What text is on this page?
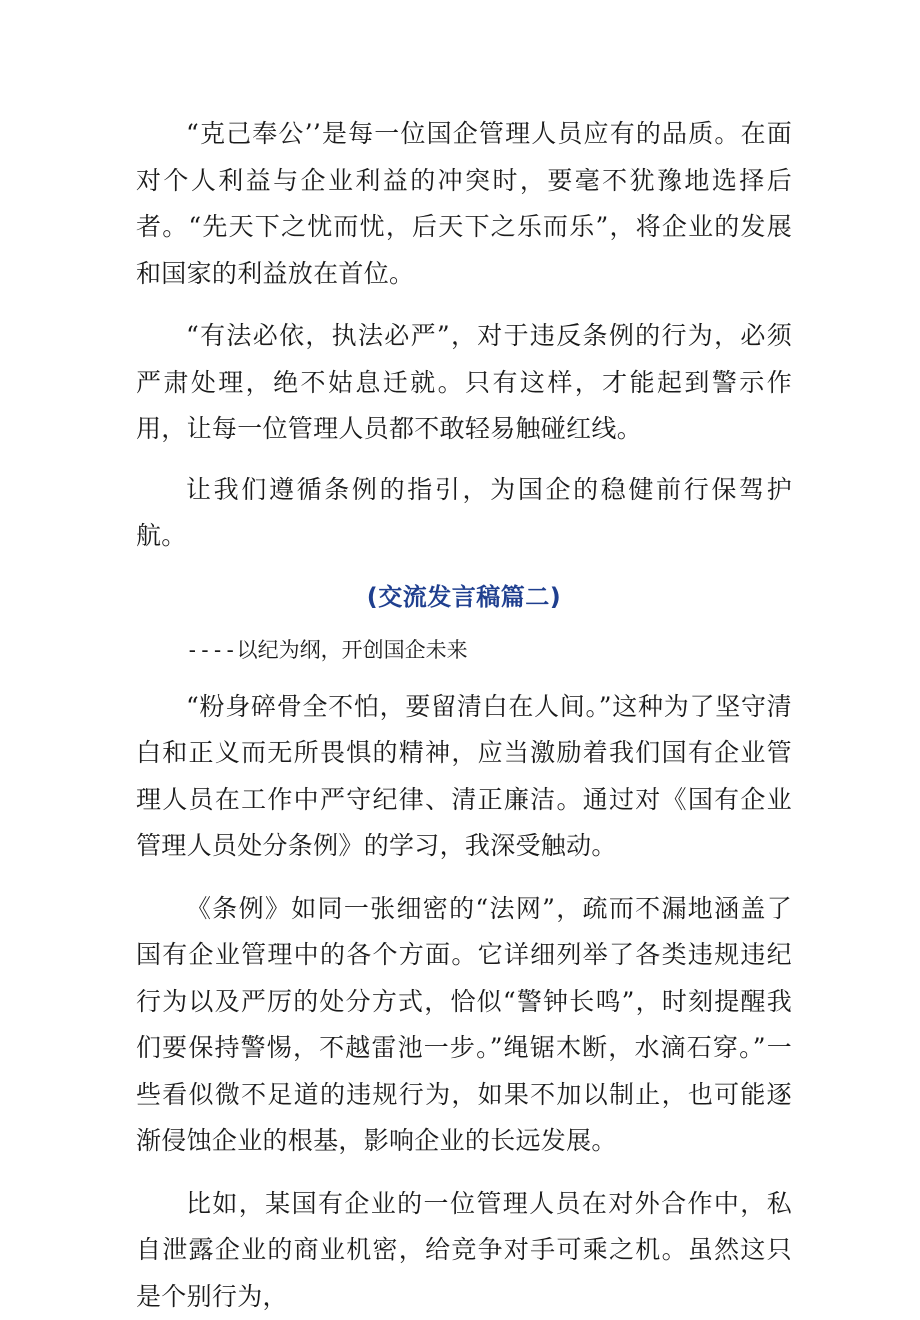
“克己奉公’’是每一位国企管理人员应有的品质。在面对个人利益与企业利益的冲突时，要毫不犹豫地选择后者。“先天下之忧而忧，后天下之乐而乐”，将企业的发展和国家的利益放在首位。

“有法必依，执法必严”，对于违反条例的行为，必须严肃处理，绝不姑息迁就。只有这样，才能起到警示作用，让每一位管理人员都不敢轻易触碰红线。

让我们遵循条例的指引，为国企的稳健前行保驾护航。

(交流发言稿篇二)

----以纪为纲，开创国企未来

“粉身碎骨全不怕，要留清白在人间。”这种为了坚守清白和正义而无所畏惧的精神，应当激励着我们国有企业管理人员在工作中严守纪律、清正廉洁。通过对《国有企业管理人员处分条例》的学习，我深受触动。

《条例》如同一张细密的“法网”，疏而不漏地涵盖了国有企业管理中的各个方面。它详细列举了各类违规违纪行为以及严厉的处分方式，恰似“警钟长鸣”，时刻提醒我们要保持警惕，不越雷池一步。”绳锯木断，水滴石穿。”一些看似微不足道的违规行为，如果不加以制止，也可能逐渐侵蚀企业的根基，影响企业的长远发展。

比如，某国有企业的一位管理人员在对外合作中，私自泄露企业的商业机密，给竞争对手可乘之机。虽然这只是个别行为，
